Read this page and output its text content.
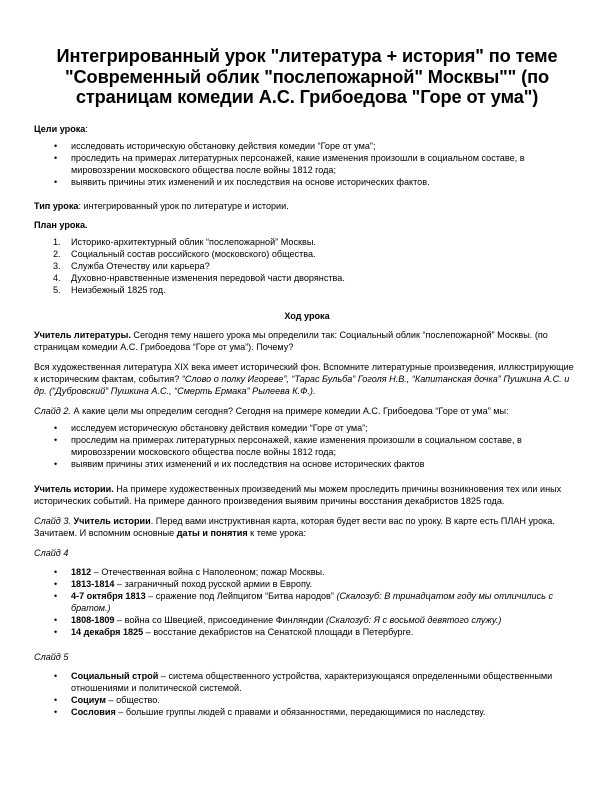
Интегрированный урок "литература + история" по теме "Современный облик "послепожарной" Москвы"" (по страницам комедии А.С. Грибоедова "Горе от ума")

Цели урока:

• исследовать историческую обстановку действия комедии “Горе от ума”;
• проследить на примерах литературных персонажей, какие изменения произошли в социальном составе, в мировоззрении московского общества после войны 1812 года;
• выявить причины этих изменений и их последствия на основе исторических фактов.

Тип урока: интегрированный урок по литературе и истории.

План урока.

1. Историко-архитектурный облик “послепожарной” Москвы.
2. Социальный состав российского (московского) общества.
3. Служба Отечеству или карьера?
4. Духовно-нравственные изменения передовой части дворянства.
5. Неизбежный 1825 год.

Ход урока

Учитель литературы. Сегодня тему нашего урока мы определили так: Социальный облик “послепожарной” Москвы. (по страницам комедии А.С. Грибоедова “Горе от ума”). Почему?

Вся художественная литература XIX века имеет исторический фон. Вспомните литературные произведения, иллюстрирующие к историческим фактам, события? “Слово о полку Игореве”, “Тарас Бульба” Гоголя Н.В., “Капитанская дочка” Пушкина А.С. и др. (“Дубровский” Пушкина А.С., “Смерть Ермака” Рылеева К.Ф.).

Слайд 2. А какие цели мы определим сегодня? Сегодня на примере комедии А.С. Грибоедова “Горе от ума” мы:

• исследуем историческую обстановку действия комедии “Горе от ума”;
• проследим на примерах литературных персонажей, какие изменения произошли в социальном составе, в мировоззрении московского общества после войны 1812 года;
• выявим причины этих изменений и их последствия на основе исторических фактов

Учитель истории. На примере художественных произведений мы можем проследить причины возникновения тех или иных исторических событий. На примере данного произведения выявим причины восстания декабристов 1825 года.

Слайд 3. Учитель истории. Перед вами инструктивная карта, которая будет вести вас по уроку. В карте есть ПЛАН урока. Зачитаем. И вспомним основные даты и понятия к теме урока:

Слайд 4

• 1812 – Отечественная война с Наполеоном; пожар Москвы.
• 1813-1814 – заграничный поход русской армии в Европу.
• 4-7 октября 1813 – сражение под Лейпцигом “Битва народов” (Скалозуб: В тринадцатом году мы отличились с братом.)
• 1808-1809 – война со Швецией, присоединение Финляндии (Скалозуб: Я с восьмой девятого служу.)
• 14 декабря 1825 – восстание декабристов на Сенатской площади в Петербурге.

Слайд 5

• Социальный строй – система общественного устройства, характеризующаяся определенными общественными отношениями и политической системой.
• Социум – общество.
• Сословия – большие группы людей с правами и обязанностями, передающимися по наследству.
